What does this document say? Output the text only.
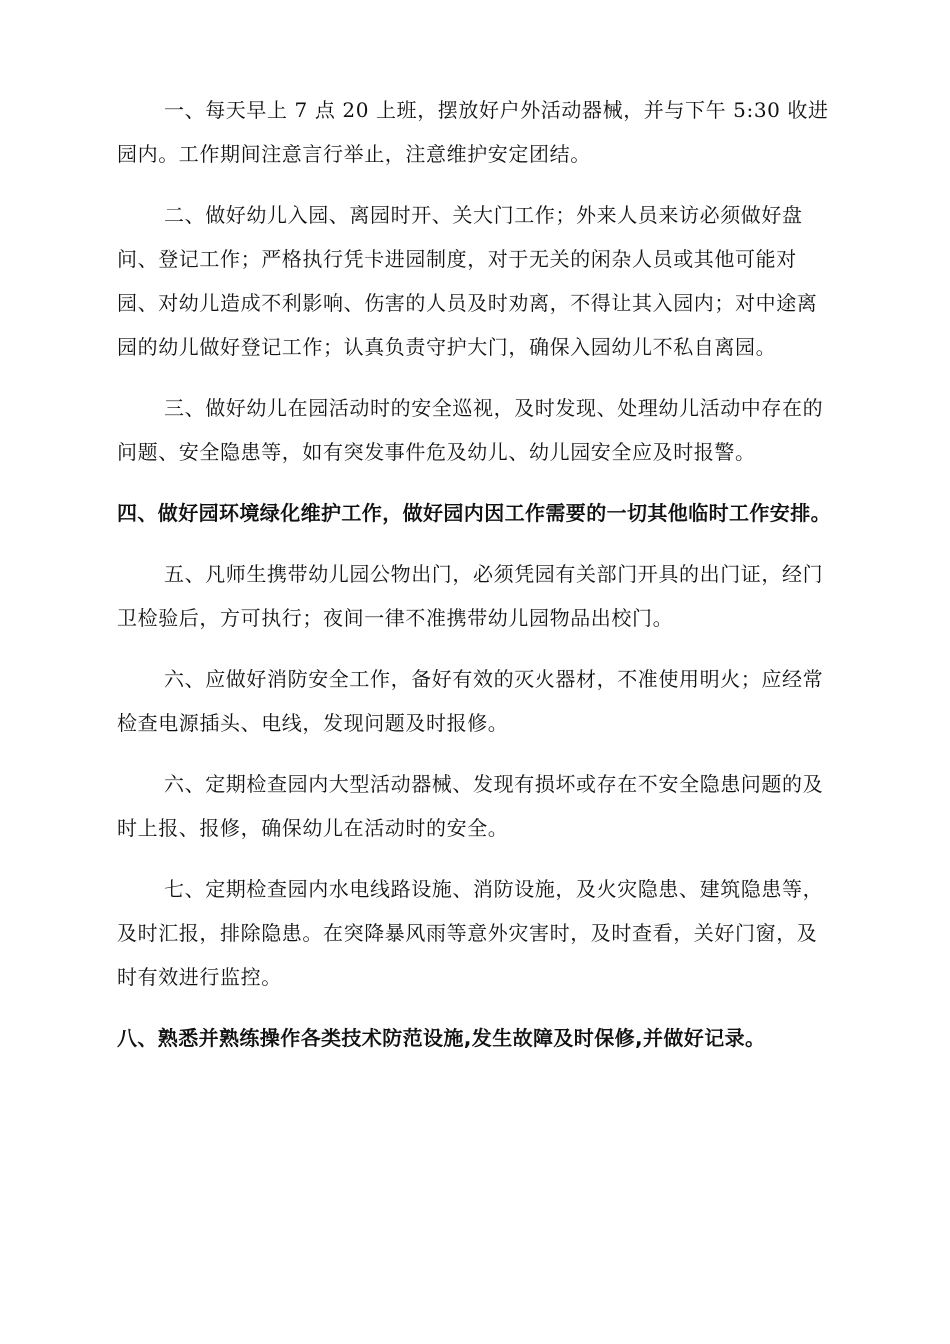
一、每天早上 7 点 20 上班，摆放好户外活动器械，并与下午 5:30 收进园内。工作期间注意言行举止，注意维护安定团结。

二、做好幼儿入园、离园时开、关大门工作；外来人员来访必须做好盘问、登记工作；严格执行凭卡进园制度，对于无关的闲杂人员或其他可能对园、对幼儿造成不利影响、伤害的人员及时劝离，不得让其入园内；对中途离园的幼儿做好登记工作；认真负责守护大门，确保入园幼儿不私自离园。

三、做好幼儿在园活动时的安全巡视，及时发现、处理幼儿活动中存在的问题、安全隐患等，如有突发事件危及幼儿、幼儿园安全应及时报警。

四、做好园环境绿化维护工作，做好园内因工作需要的一切其他临时工作安排。

五、凡师生携带幼儿园公物出门，必须凭园有关部门开具的出门证，经门卫检验后，方可执行；夜间一律不准携带幼儿园物品出校门。

六、应做好消防安全工作，备好有效的灭火器材，不准使用明火；应经常检查电源插头、电线，发现问题及时报修。

六、定期检查园内大型活动器械、发现有损坏或存在不安全隐患问题的及时上报、报修，确保幼儿在活动时的安全。

七、定期检查园内水电线路设施、消防设施，及火灾隐患、建筑隐患等，及时汇报，排除隐患。在突降暴风雨等意外灾害时，及时查看，关好门窗，及时有效进行监控。

八、熟悉并熟练操作各类技术防范设施,发生故障及时保修,并做好记录。
